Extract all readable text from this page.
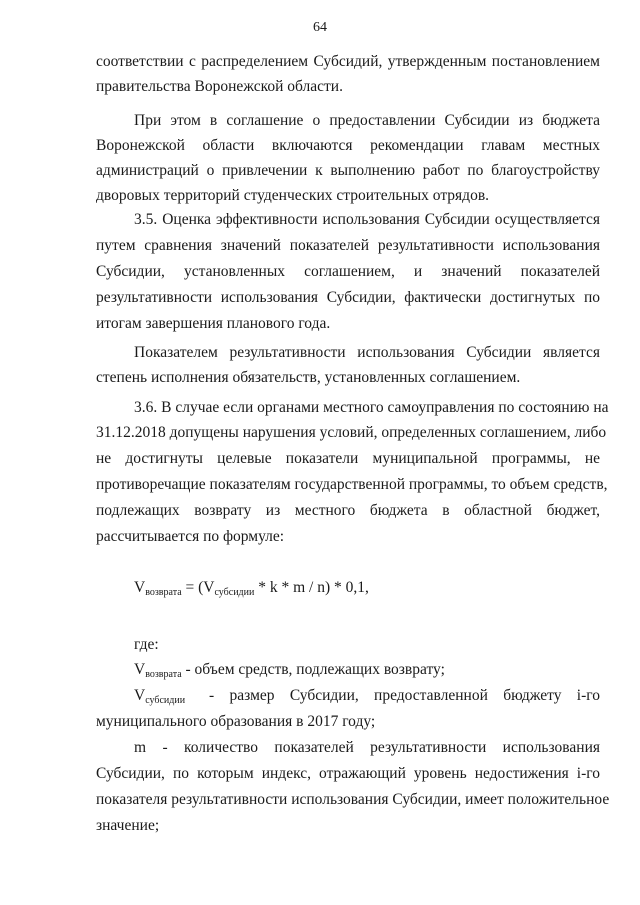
64
соответствии с распределением Субсидий, утвержденным постановлением
правительства Воронежской области.
При этом в соглашение о предоставлении Субсидии из бюджета
Воронежской области включаются рекомендации главам местных
администраций о привлечении к выполнению работ по благоустройству
дворовых территорий студенческих строительных отрядов.
3.5. Оценка эффективности использования Субсидии осуществляется
путем сравнения значений показателей результативности использования
Субсидии, установленных соглашением, и значений показателей
результативности использования Субсидии, фактически достигнутых по
итогам завершения планового года.
Показателем результативности использования Субсидии является
степень исполнения обязательств, установленных соглашением.
3.6. В случае если органами местного самоуправления по состоянию на
31.12.2018 допущены нарушения условий, определенных соглашением, либо
не достигнуты целевые показатели муниципальной программы, не
противоречащие показателям государственной программы, то объем средств,
подлежащих возврату из местного бюджета в областной бюджет,
рассчитывается по формуле:
$V_{возврата} = (V_{субсидии} * k * m / n) * 0,1$,
где:
$V_{возврата}$ - объем средств, подлежащих возврату;
$V_{субсидии}$	- размер Субсидии, предоставленной бюджету i-го
муниципального образования в 2017 году;
m - количество показателей результативности использования
Субсидии, по которым индекс, отражающий уровень недостижения i-го
показателя результативности использования Субсидии, имеет положительное
значение;
